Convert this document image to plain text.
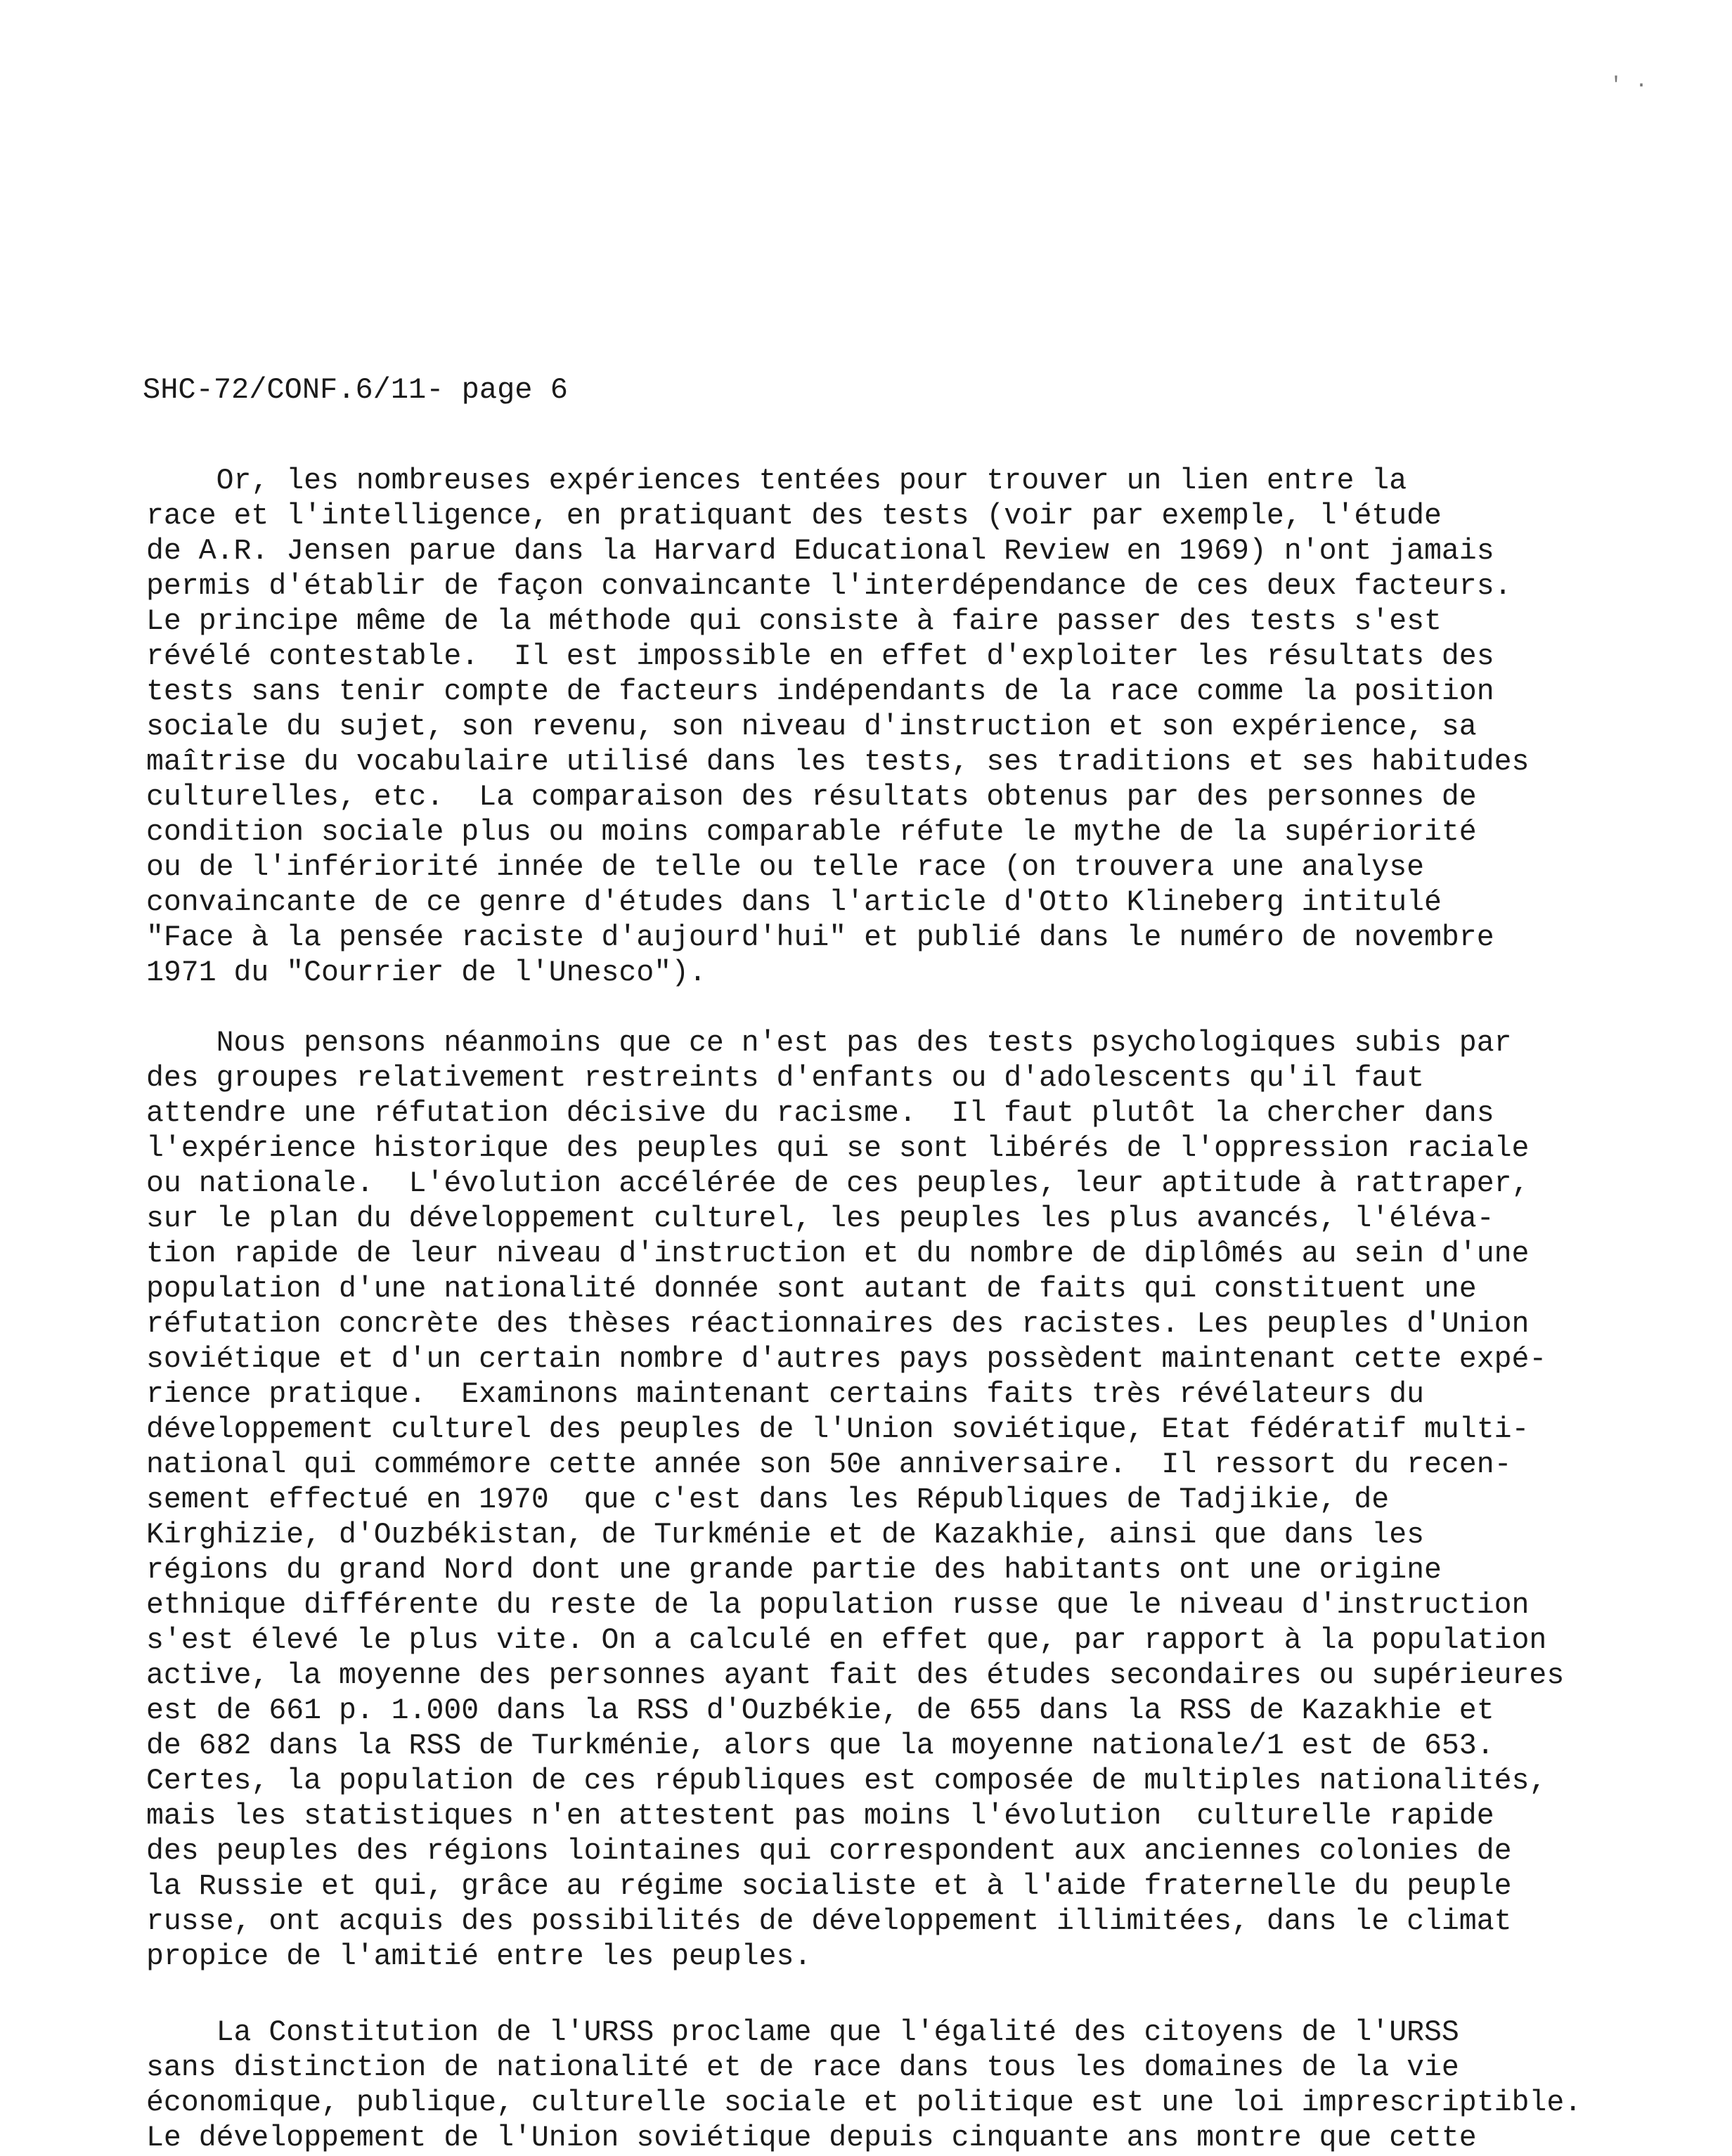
' ·
SHC-72/CONF.6/11- page 6
Or, les nombreuses expériences tentées pour trouver un lien entre la
race et l'intelligence, en pratiquant des tests (voir par exemple, l'étude
de A.R. Jensen parue dans la Harvard Educational Review en 1969) n'ont jamais
permis d'établir de façon convaincante l'interdépendance de ces deux facteurs.
Le principe même de la méthode qui consiste à faire passer des tests s'est
révélé contestable.  Il est impossible en effet d'exploiter les résultats des
tests sans tenir compte de facteurs indépendants de la race comme la position
sociale du sujet, son revenu, son niveau d'instruction et son expérience, sa
maîtrise du vocabulaire utilisé dans les tests, ses traditions et ses habitudes
culturelles, etc.  La comparaison des résultats obtenus par des personnes de
condition sociale plus ou moins comparable réfute le mythe de la supériorité
ou de l'infériorité innée de telle ou telle race (on trouvera une analyse
convaincante de ce genre d'études dans l'article d'Otto Klineberg intitulé
"Face à la pensée raciste d'aujourd'hui" et publié dans le numéro de novembre
1971 du "Courrier de l'Unesco").
Nous pensons néanmoins que ce n'est pas des tests psychologiques subis par
des groupes relativement restreints d'enfants ou d'adolescents qu'il faut
attendre une réfutation décisive du racisme.  Il faut plutôt la chercher dans
l'expérience historique des peuples qui se sont libérés de l'oppression raciale
ou nationale.  L'évolution accélérée de ces peuples, leur aptitude à rattraper,
sur le plan du développement culturel, les peuples les plus avancés, l'éléva-
tion rapide de leur niveau d'instruction et du nombre de diplômés au sein d'une
population d'une nationalité donnée sont autant de faits qui constituent une
réfutation concrète des thèses réactionnaires des racistes. Les peuples d'Union
soviétique et d'un certain nombre d'autres pays possèdent maintenant cette expé-
rience pratique.  Examinons maintenant certains faits très révélateurs du
développement culturel des peuples de l'Union soviétique, Etat fédératif multi-
national qui commémore cette année son 50e anniversaire.  Il ressort du recen-
sement effectué en 1970  que c'est dans les Républiques de Tadjikie, de
Kirghizie, d'Ouzbékistan, de Turkménie et de Kazakhie, ainsi que dans les
régions du grand Nord dont une grande partie des habitants ont une origine
ethnique différente du reste de la population russe que le niveau d'instruction
s'est élevé le plus vite. On a calculé en effet que, par rapport à la population
active, la moyenne des personnes ayant fait des études secondaires ou supérieures
est de 661 p. 1.000 dans la RSS d'Ouzbékie, de 655 dans la RSS de Kazakhie et
de 682 dans la RSS de Turkménie, alors que la moyenne nationale/1 est de 653.
Certes, la population de ces républiques est composée de multiples nationalités,
mais les statistiques n'en attestent pas moins l'évolution  culturelle rapide
des peuples des régions lointaines qui correspondent aux anciennes colonies de
la Russie et qui, grâce au régime socialiste et à l'aide fraternelle du peuple
russe, ont acquis des possibilités de développement illimitées, dans le climat
propice de l'amitié entre les peuples.
La Constitution de l'URSS proclame que l'égalité des citoyens de l'URSS
sans distinction de nationalité et de race dans tous les domaines de la vie
économique, publique, culturelle sociale et politique est une loi imprescriptible.
Le développement de l'Union soviétique depuis cinquante ans montre que cette
